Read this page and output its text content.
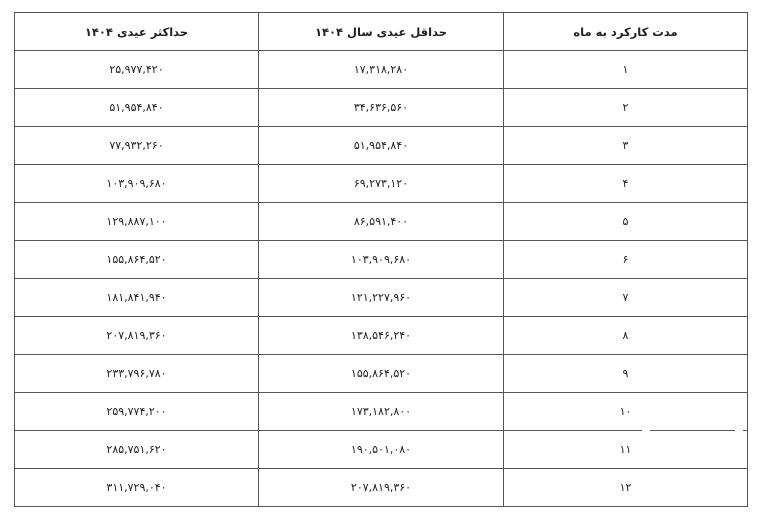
مدت کارکرد به ماه	حداقل عیدی سال ۱۴۰۴	حداکثر عیدی ۱۴۰۴
۱	۱۷,۳۱۸,۲۸۰	۲۵,۹۷۷,۴۲۰
۲	۳۴,۶۳۶,۵۶۰	۵۱,۹۵۴,۸۴۰
۳	۵۱,۹۵۴,۸۴۰	۷۷,۹۳۲,۲۶۰
۴	۶۹,۲۷۳,۱۲۰	۱۰۳,۹۰۹,۶۸۰
۵	۸۶,۵۹۱,۴۰۰	۱۲۹,۸۸۷,۱۰۰
۶	۱۰۳,۹۰۹,۶۸۰	۱۵۵,۸۶۴,۵۲۰
۷	۱۲۱,۲۲۷,۹۶۰	۱۸۱,۸۴۱,۹۴۰
۸	۱۳۸,۵۴۶,۲۴۰	۲۰۷,۸۱۹,۳۶۰
۹	۱۵۵,۸۶۴,۵۲۰	۲۳۳,۷۹۶,۷۸۰
۱۰	۱۷۳,۱۸۲,۸۰۰	۲۵۹,۷۷۴,۲۰۰
۱۱	۱۹۰,۵۰۱,۰۸۰	۲۸۵,۷۵۱,۶۲۰
۱۲	۲۰۷,۸۱۹,۳۶۰	۳۱۱,۷۲۹,۰۴۰
